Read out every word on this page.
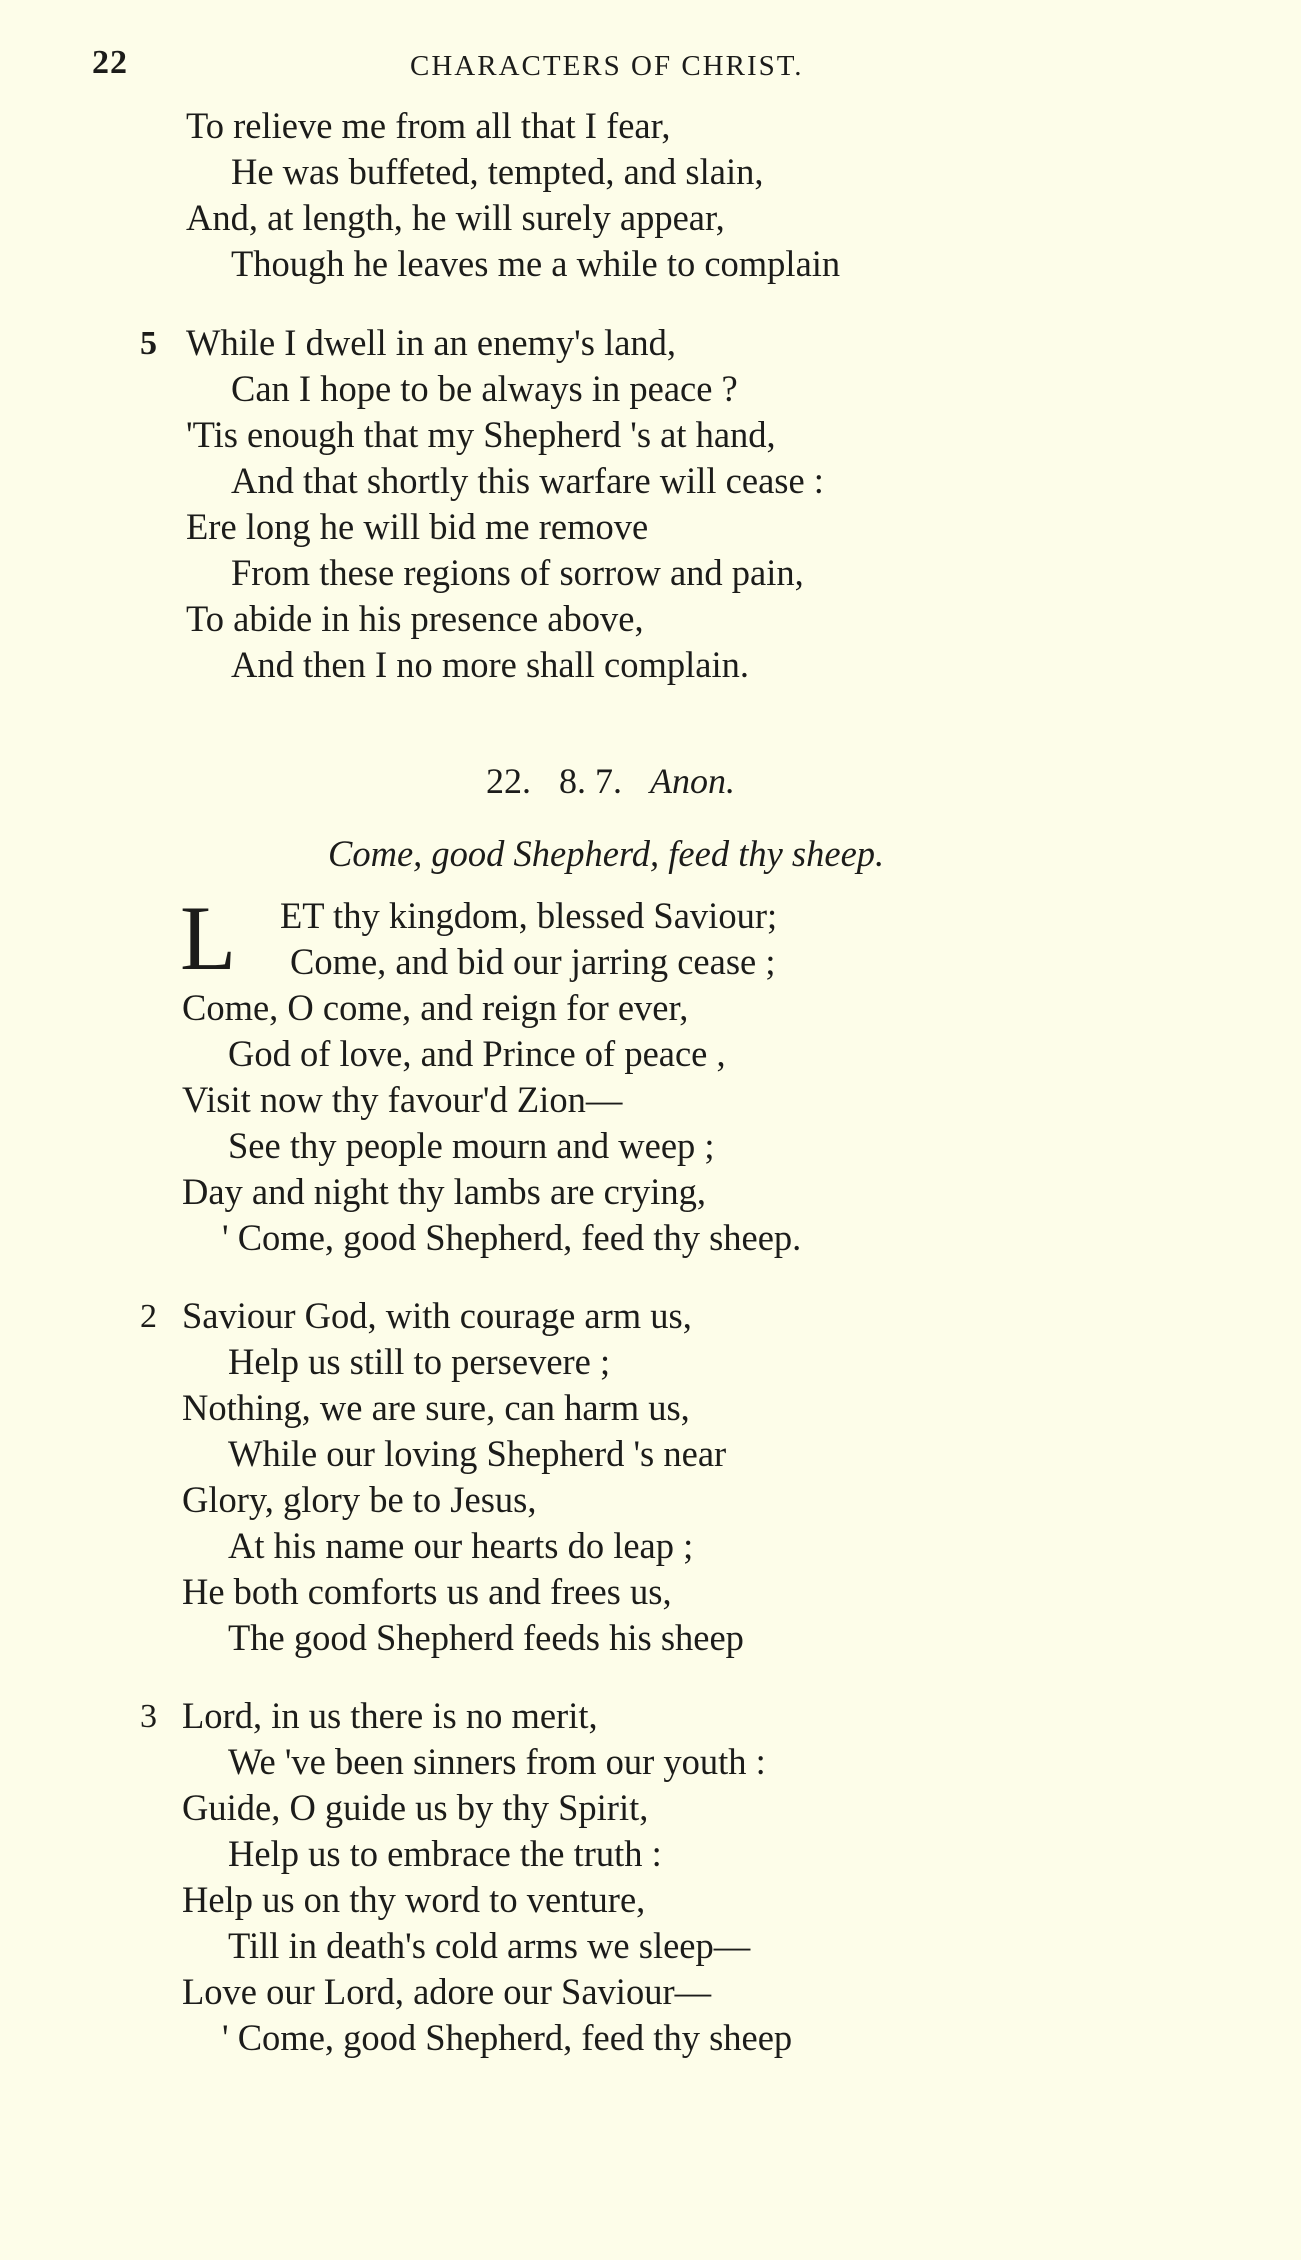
22	CHARACTERS OF CHRIST.
To relieve me from all that I fear,
He was buffeted, tempted, and slain,
And, at length, he will surely appear,
Though he leaves me a while to complain
5 While I dwell in an enemy's land,
Can I hope to be always in peace ?
'Tis enough that my Shepherd 's at hand,
And that shortly this warfare will cease :
Ere long he will bid me remove
From these regions of sorrow and pain,
To abide in his presence above,
And then I no more shall complain.
22. 8. 7. Anon.
Come, good Shepherd, feed thy sheep.
L ET thy kingdom, blessed Saviour;
Come, and bid our jarring cease ;
Come, O come, and reign for ever,
God of love, and Prince of peace ,
Visit now thy favour'd Zion—
See thy people mourn and weep ;
Day and night thy lambs are crying,
' Come, good Shepherd, feed thy sheep.
2 Saviour God, with courage arm us,
Help us still to persevere ;
Nothing, we are sure, can harm us,
While our loving Shepherd 's near
Glory, glory be to Jesus,
At his name our hearts do leap ;
He both comforts us and frees us,
The good Shepherd feeds his sheep
3 Lord, in us there is no merit,
We 've been sinners from our youth :
Guide, O guide us by thy Spirit,
Help us to embrace the truth :
Help us on thy word to venture,
Till in death's cold arms we sleep—
Love our Lord, adore our Saviour—
' Come, good Shepherd, feed thy sheep
